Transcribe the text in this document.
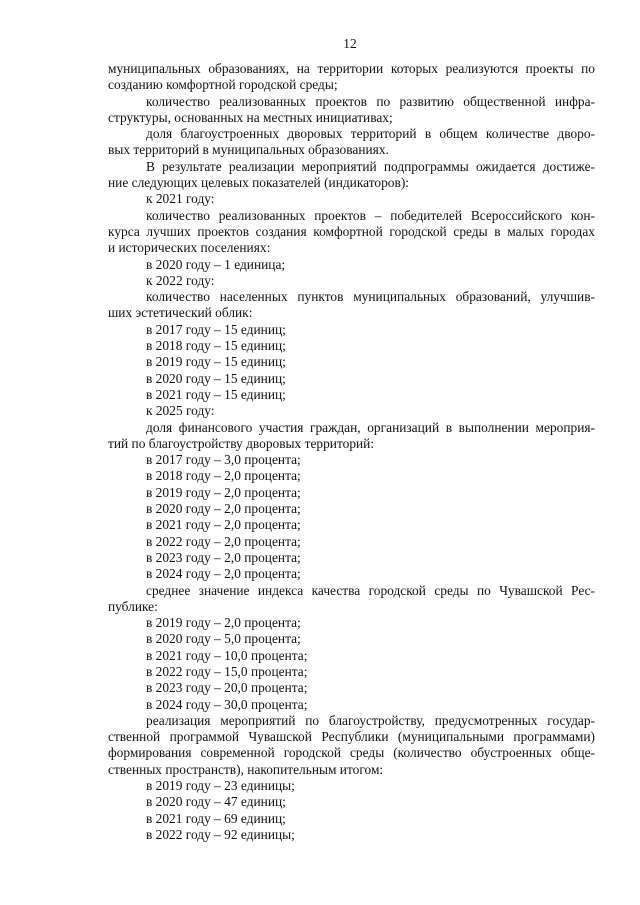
12
муниципальных образованиях, на территории которых реализуются проекты по
созданию комфортной городской среды;
количество реализованных проектов по развитию общественной инфра-
структуры, основанных на местных инициативах;
доля благоустроенных дворовых территорий в общем количестве дворо-
вых территорий в муниципальных образованиях.
В результате реализации мероприятий подпрограммы ожидается достиже-
ние следующих целевых показателей (индикаторов):
к 2021 году:
количество реализованных проектов – победителей Всероссийского кон-
курса лучших проектов создания комфортной городской среды в малых городах
и исторических поселениях:
в 2020 году – 1 единица;
к 2022 году:
количество населенных пунктов муниципальных образований, улучшив-
ших эстетический облик:
в 2017 году – 15 единиц;
в 2018 году – 15 единиц;
в 2019 году – 15 единиц;
в 2020 году – 15 единиц;
в 2021 году – 15 единиц;
к 2025 году:
доля финансового участия граждан, организаций в выполнении мероприя-
тий по благоустройству дворовых территорий:
в 2017 году – 3,0 процента;
в 2018 году – 2,0 процента;
в 2019 году – 2,0 процента;
в 2020 году – 2,0 процента;
в 2021 году – 2,0 процента;
в 2022 году – 2,0 процента;
в 2023 году – 2,0 процента;
в 2024 году – 2,0 процента;
среднее значение индекса качества городской среды по Чувашской Рес-
публике:
в 2019 году – 2,0 процента;
в 2020 году – 5,0 процента;
в 2021 году – 10,0 процента;
в 2022 году – 15,0 процента;
в 2023 году – 20,0 процента;
в 2024 году – 30,0 процента;
реализация мероприятий по благоустройству, предусмотренных государ-
ственной программой Чувашской Республики (муниципальными программами)
формирования современной городской среды (количество обустроенных обще-
ственных пространств), накопительным итогом:
в 2019 году – 23 единицы;
в 2020 году – 47 единиц;
в 2021 году – 69 единиц;
в 2022 году – 92 единицы;
